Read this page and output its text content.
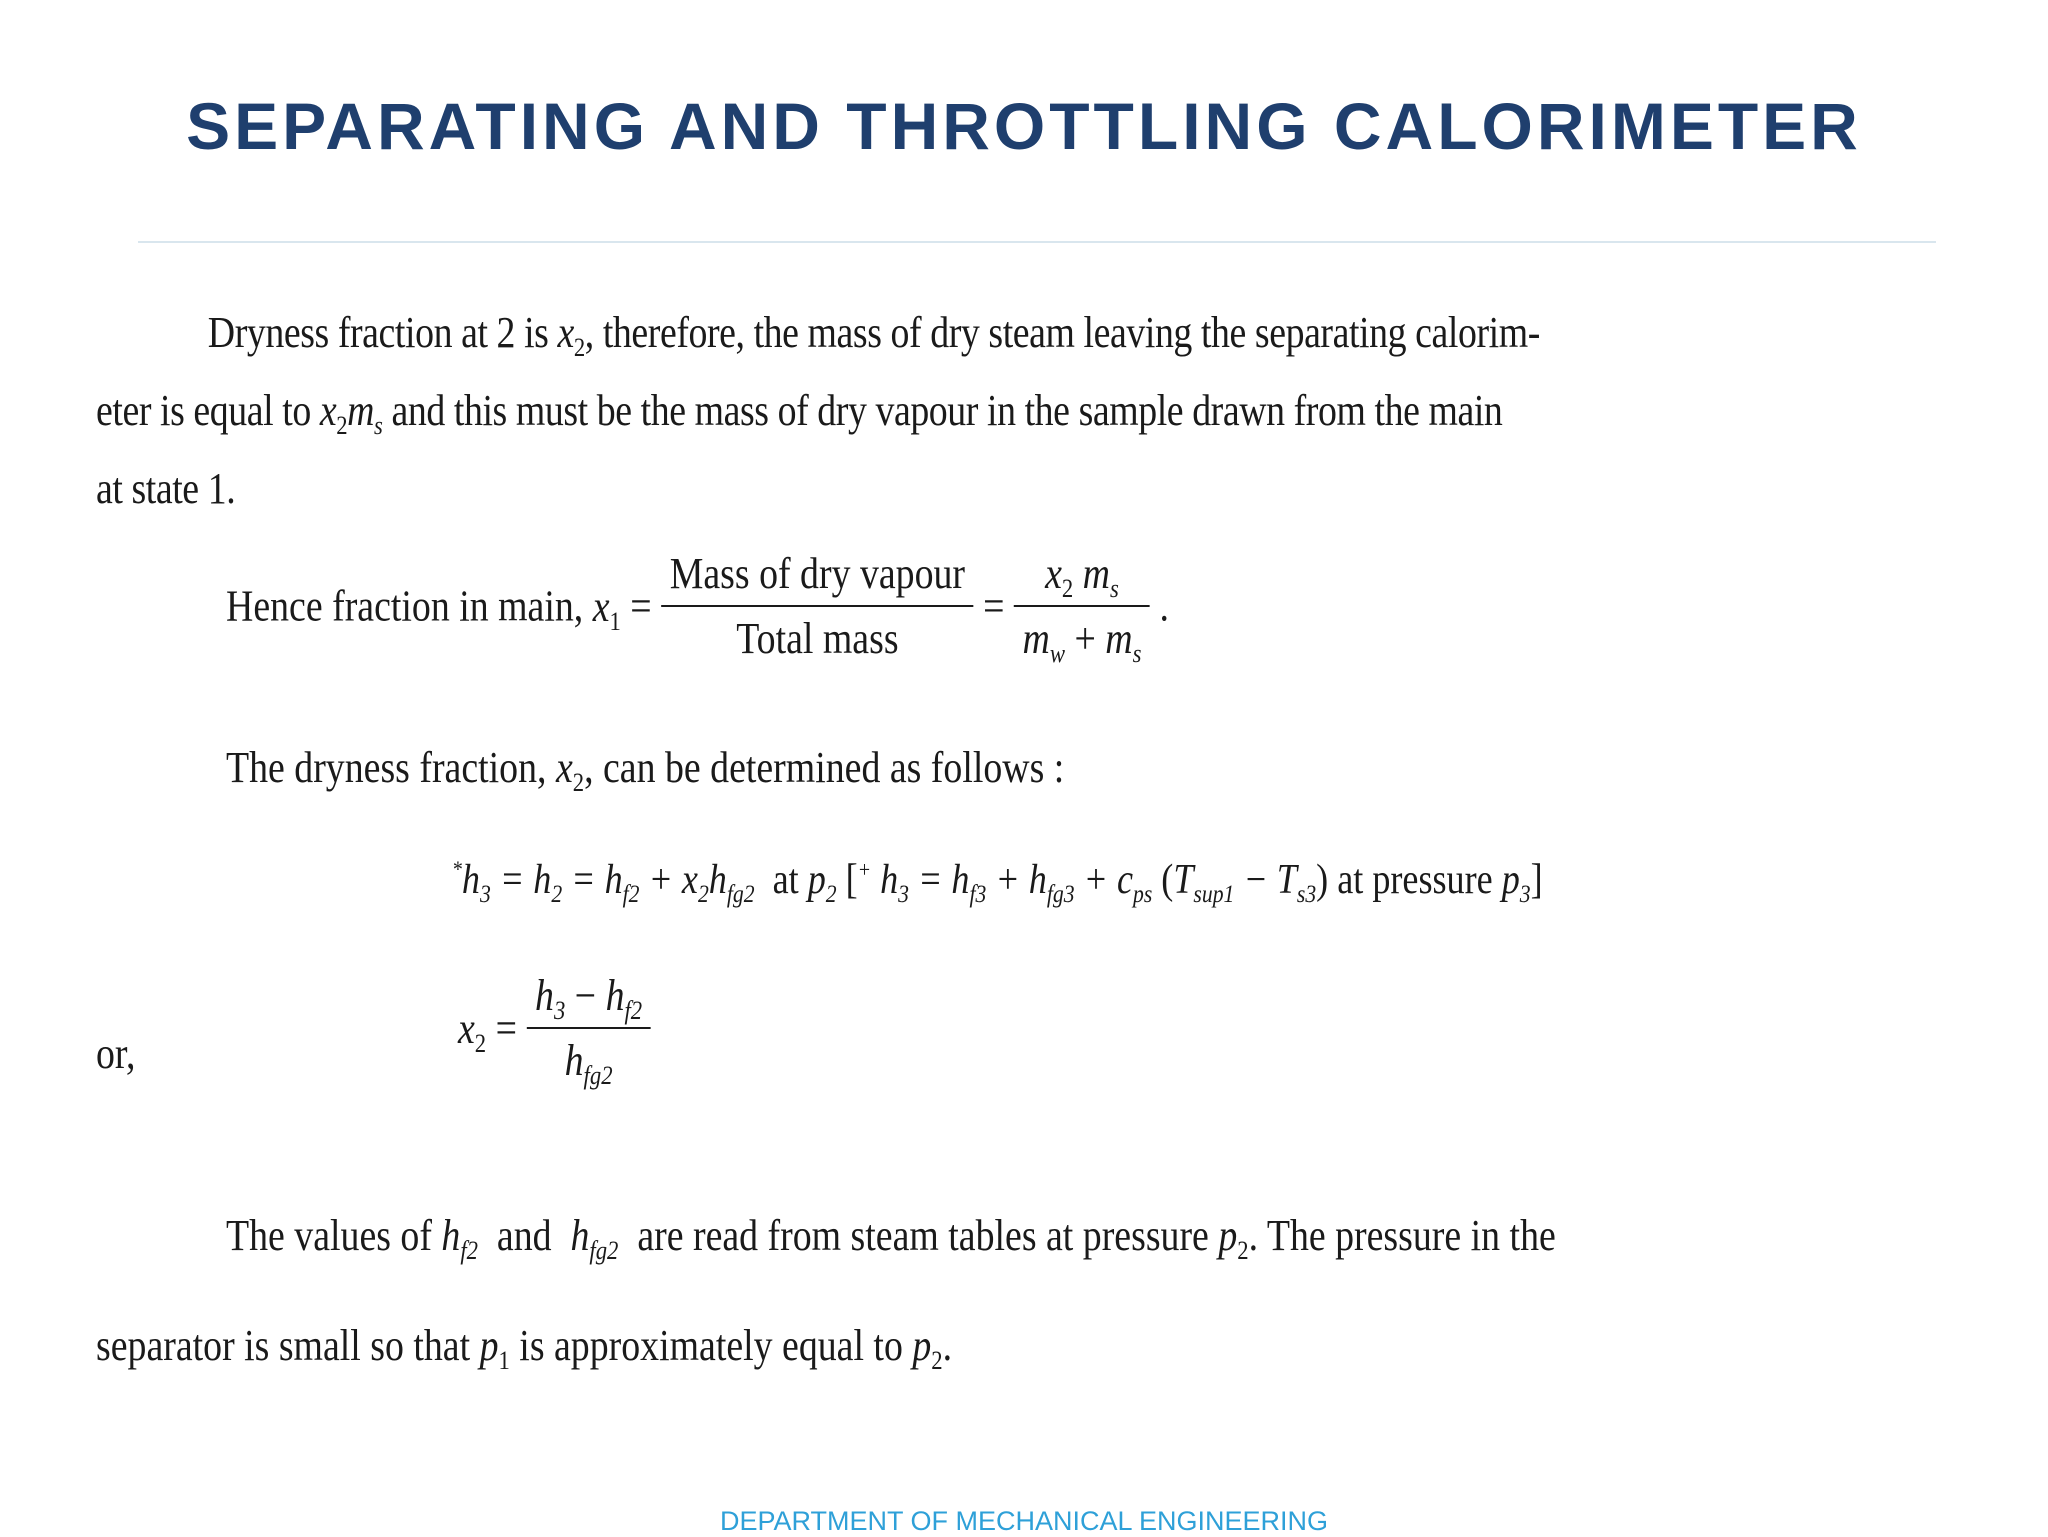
SEPARATING AND THROTTLING CALORIMETER
Dryness fraction at 2 is $x_2$, therefore, the mass of dry steam leaving the separating calorim-
eter is equal to $x_2m_s$ and this must be the mass of dry vapour in the sample drawn from the main
at state 1.
Hence fraction in main, $x_1 = \frac{\text{Mass of dry vapour}}{\text{Total mass}} = \frac{x_2 m_s}{m_w + m_s}$ .
The dryness fraction, $x_2$, can be determined as follows :
$^*h_3 = h_2 = h_{f2} + x_2h_{fg2}$ at $p_2$ [+ $h_3 = h_{f3} + h_{fg3} + c_{ps}$ $(T_{sup1} - T_{s3})$ at pressure $p_3$]
or,
$x_2 = \frac{h_3 - h_{f2}}{h_{fg2}}$
The values of $h_{f2}$ and $h_{fg2}$ are read from steam tables at pressure $p_2$. The pressure in the
separator is small so that $p_1$ is approximately equal to $p_2$.
DEPARTMENT OF MECHANICAL ENGINEERING
